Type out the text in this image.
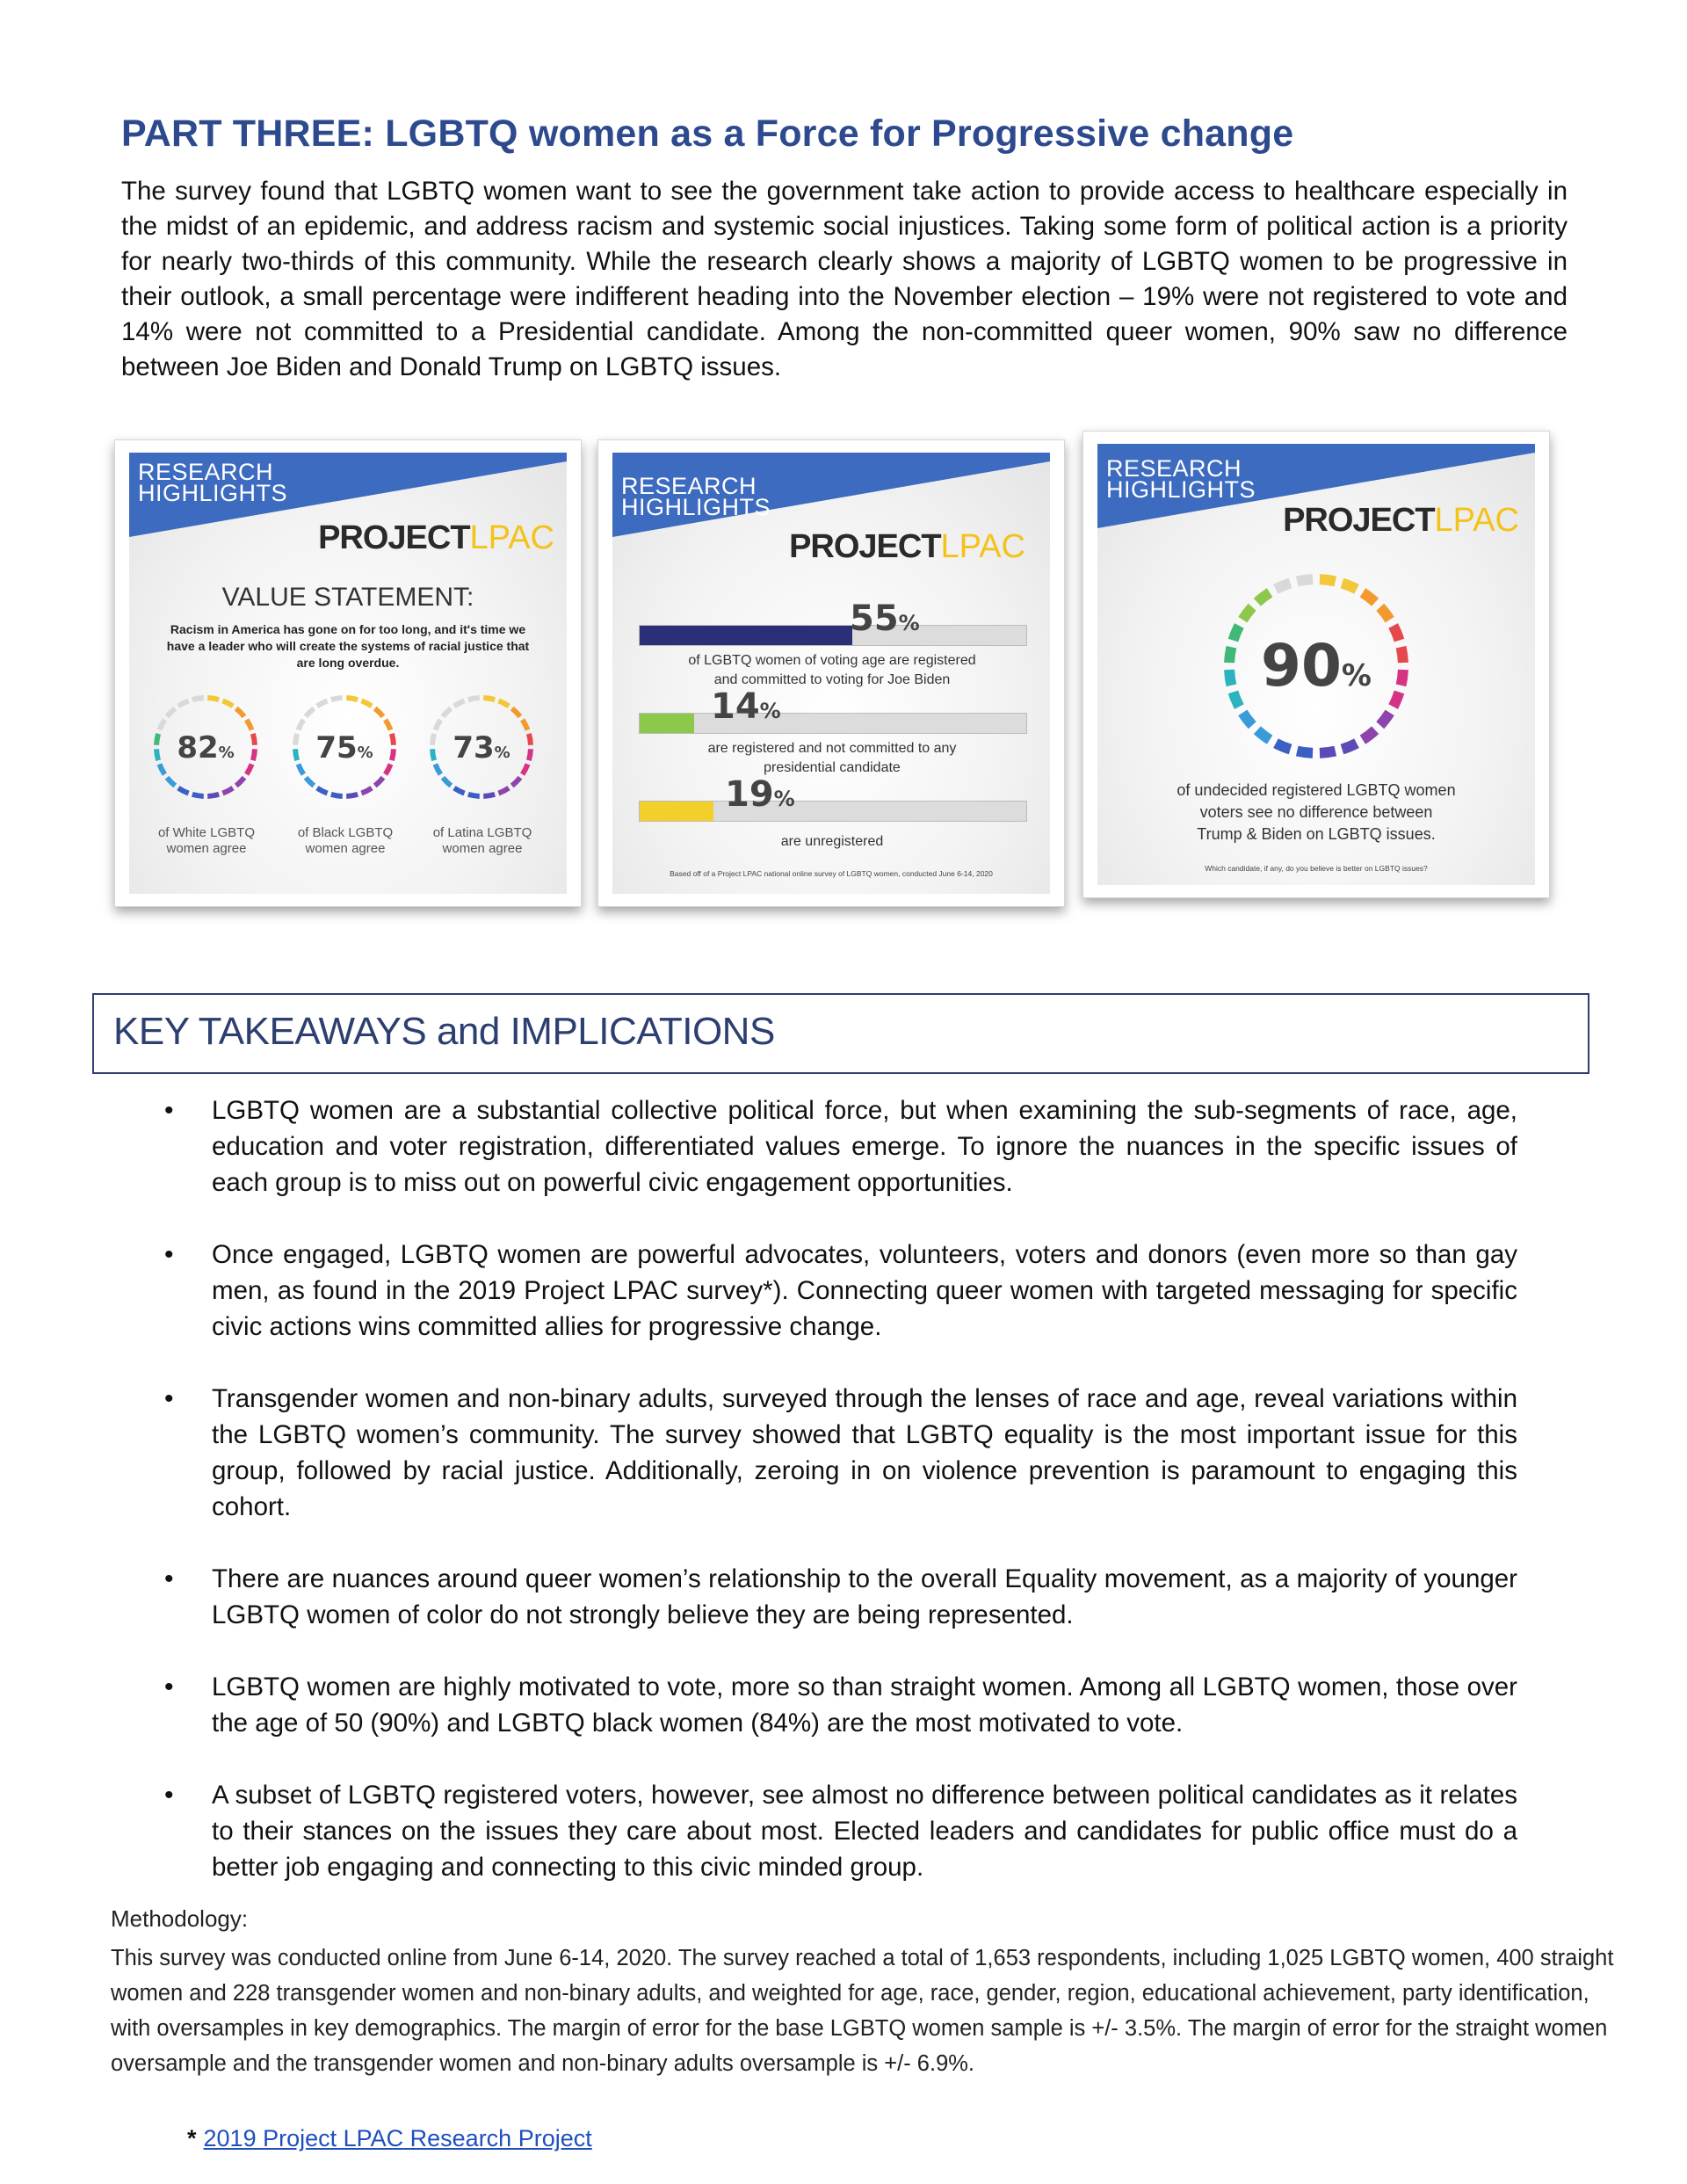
PART THREE: LGBTQ women as a Force for Progressive change

The survey found that LGBTQ women want to see the government take action to provide access to healthcare especially in the midst of an epidemic, and address racism and systemic social injustices. Taking some form of political action is a priority for nearly two-thirds of this community. While the research clearly shows a majority of LGBTQ women to be progressive in their outlook, a small percentage were indifferent heading into the November election – 19% were not registered to vote and 14% were not committed to a Presidential candidate. Among the non-committed queer women, 90% saw no difference between Joe Biden and Donald Trump on LGBTQ issues.

RESEARCH
HIGHLIGHTS
PROJECTLPAC
VALUE STATEMENT:
Racism in America has gone on for too long, and it's time we have a leader who will create the systems of racial justice that are long overdue.
82%	75%	73%
of White LGBTQ
women agree
of Black LGBTQ
women agree
of Latina LGBTQ
women agree
RESEARCH
HIGHLIGHTS
PROJECTLPAC
55%
of LGBTQ women of voting age are registered
and committed to voting for Joe Biden
14%
are registered and not committed to any
presidential candidate
19%
are unregistered
Based off of a Project LPAC national online survey of LGBTQ women, conducted June 6-14, 2020
RESEARCH
HIGHLIGHTS
PROJECTLPAC
90%
of undecided registered LGBTQ women
voters see no difference between
Trump & Biden on LGBTQ issues.
Which candidate, if any, do you believe is better on LGBTQ issues?
KEY TAKEAWAYS and IMPLICATIONS
• LGBTQ women are a substantial collective political force, but when examining the sub-segments of race, age, education and voter registration, differentiated values emerge. To ignore the nuances in the specific issues of each group is to miss out on powerful civic engagement opportunities.
• Once engaged, LGBTQ women are powerful advocates, volunteers, voters and donors (even more so than gay men, as found in the 2019 Project LPAC survey*). Connecting queer women with targeted messaging for specific civic actions wins committed allies for progressive change.
• Transgender women and non-binary adults, surveyed through the lenses of race and age, reveal variations within the LGBTQ women’s community. The survey showed that LGBTQ equality is the most important issue for this group, followed by racial justice. Additionally, zeroing in on violence prevention is paramount to engaging this cohort.
• There are nuances around queer women’s relationship to the overall Equality movement, as a majority of younger LGBTQ women of color do not strongly believe they are being represented.
• LGBTQ women are highly motivated to vote, more so than straight women. Among all LGBTQ women, those over the age of 50 (90%) and LGBTQ black women (84%) are the most motivated to vote.
• A subset of LGBTQ registered voters, however, see almost no difference between political candidates as it relates to their stances on the issues they care about most. Elected leaders and candidates for public office must do a better job engaging and connecting to this civic minded group.
Methodology:

This survey was conducted online from June 6-14, 2020. The survey reached a total of 1,653 respondents, including 1,025 LGBTQ women, 400 straight women and 228 transgender women and non-binary adults, and weighted for age, race, gender, region, educational achievement, party identification, with oversamples in key demographics. The margin of error for the base LGBTQ women sample is +/- 3.5%. The margin of error for the straight women oversample and the transgender women and non-binary adults oversample is +/- 6.9%.

* 2019 Project LPAC Research Project
